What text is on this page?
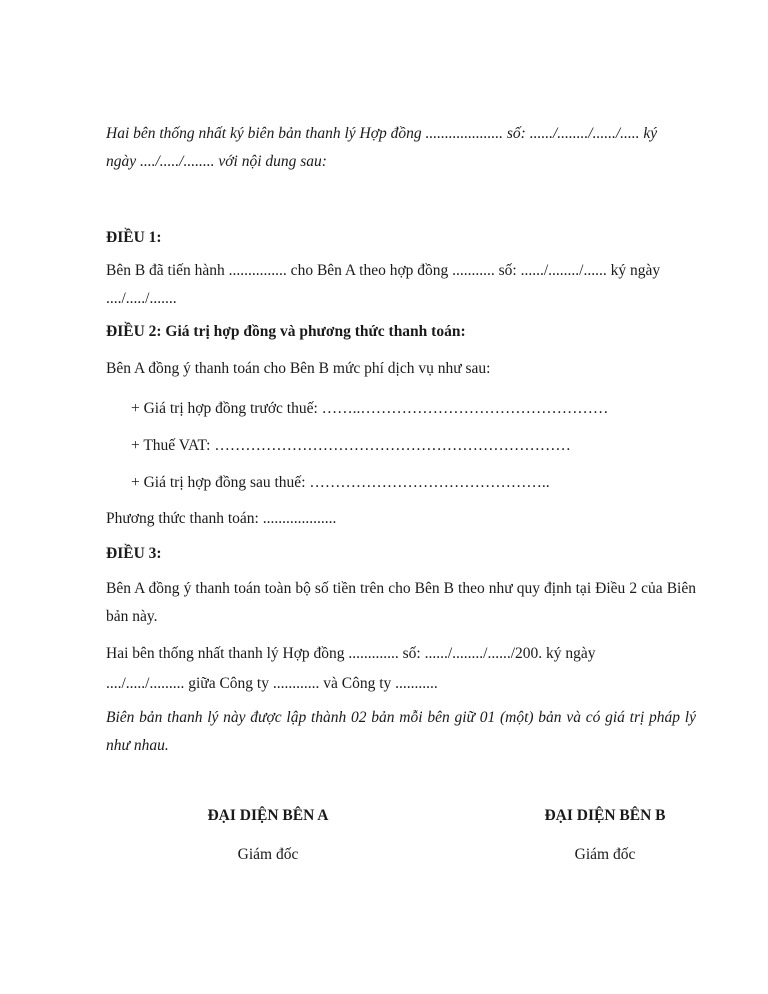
Hai bên thống nhất ký biên bản thanh lý Hợp đồng .................... số: ....../......../....../..... ký

ngày ..../...../........ với nội dung sau:

ĐIỀU 1:

Bên B đã tiến hành ............... cho Bên A theo hợp đồng ........... số: ....../......../...... ký ngày

..../...../.......

ĐIỀU 2: Giá trị hợp đồng và phương thức thanh toán:

Bên A đồng ý thanh toán cho Bên B mức phí dịch vụ như sau:

+ Giá trị hợp đồng trước thuế: ……..…………………………………………

+ Thuế VAT: ……………………………………………………………

+ Giá trị hợp đồng sau thuế: ………………………………………..

Phương thức thanh toán: ...................

ĐIỀU 3:

Bên A đồng ý thanh toán toàn bộ số tiền trên cho Bên B theo như quy định tại Điều 2 của Biên bản này.

Hai bên thống nhất thanh lý Hợp đồng ............. số: ....../......../....../200. ký ngày

..../...../......... giữa Công ty ............ và Công ty ...........

Biên bản thanh lý này được lập thành 02 bản mỗi bên giữ 01 (một) bản và có giá trị pháp lý như nhau.

ĐẠI DIỆN BÊN A
Giám đốc
ĐẠI DIỆN BÊN B
Giám đốc
